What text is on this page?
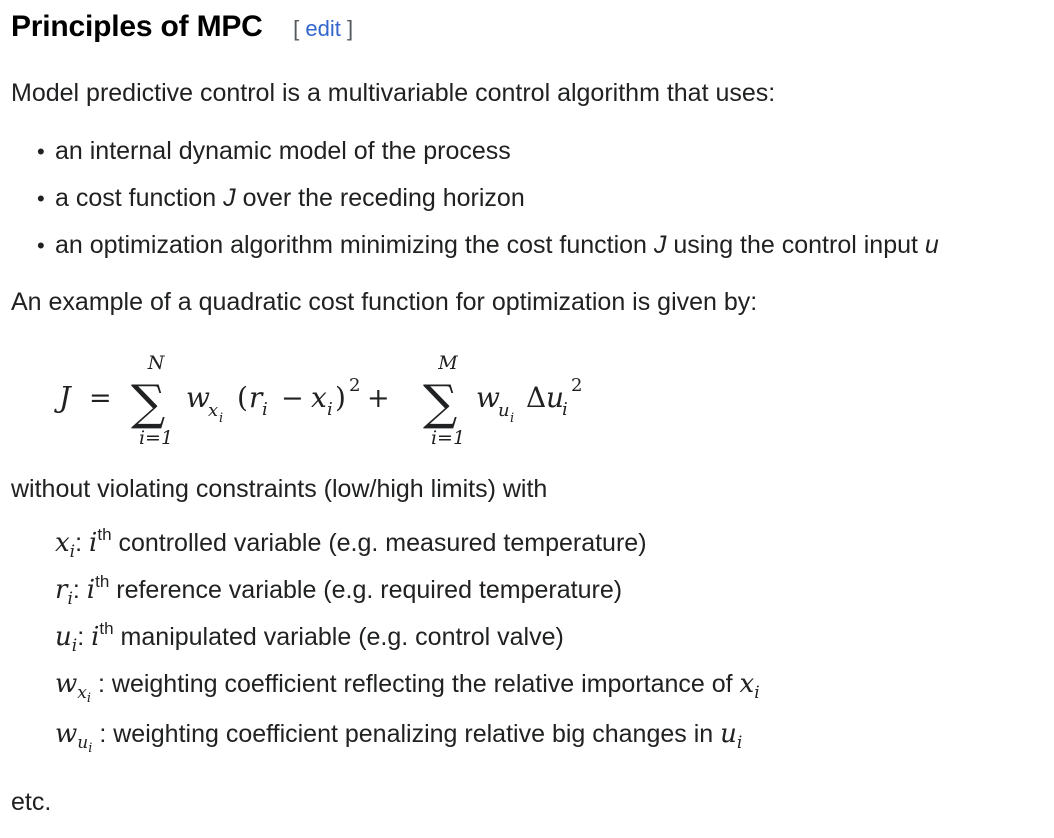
Principles of MPC [ edit ]
Model predictive control is a multivariable control algorithm that uses:
• an internal dynamic model of the process
• a cost function J over the receding horizon
• an optimization algorithm minimizing the cost function J using the control input u
An example of a quadratic cost function for optimization is given by:
J =
N
∑
i=1
w
x i
( r i − x i ) 2 +
M
∑
i=1
w
u i
Δ u
i
2
without violating constraints (low/high limits) with
$x_i$: $i^{th}$ controlled variable (e.g. measured temperature)
$r_i$: $i^{th}$ reference variable (e.g. required temperature)
$u_i$: $i^{th}$ manipulated variable (e.g. control valve)
$w_{xi}$ : weighting coefficient reflecting the relative importance of $x_i$
$w_{ui}$ : weighting coefficient penalizing relative big changes in $u_i$
etc.
